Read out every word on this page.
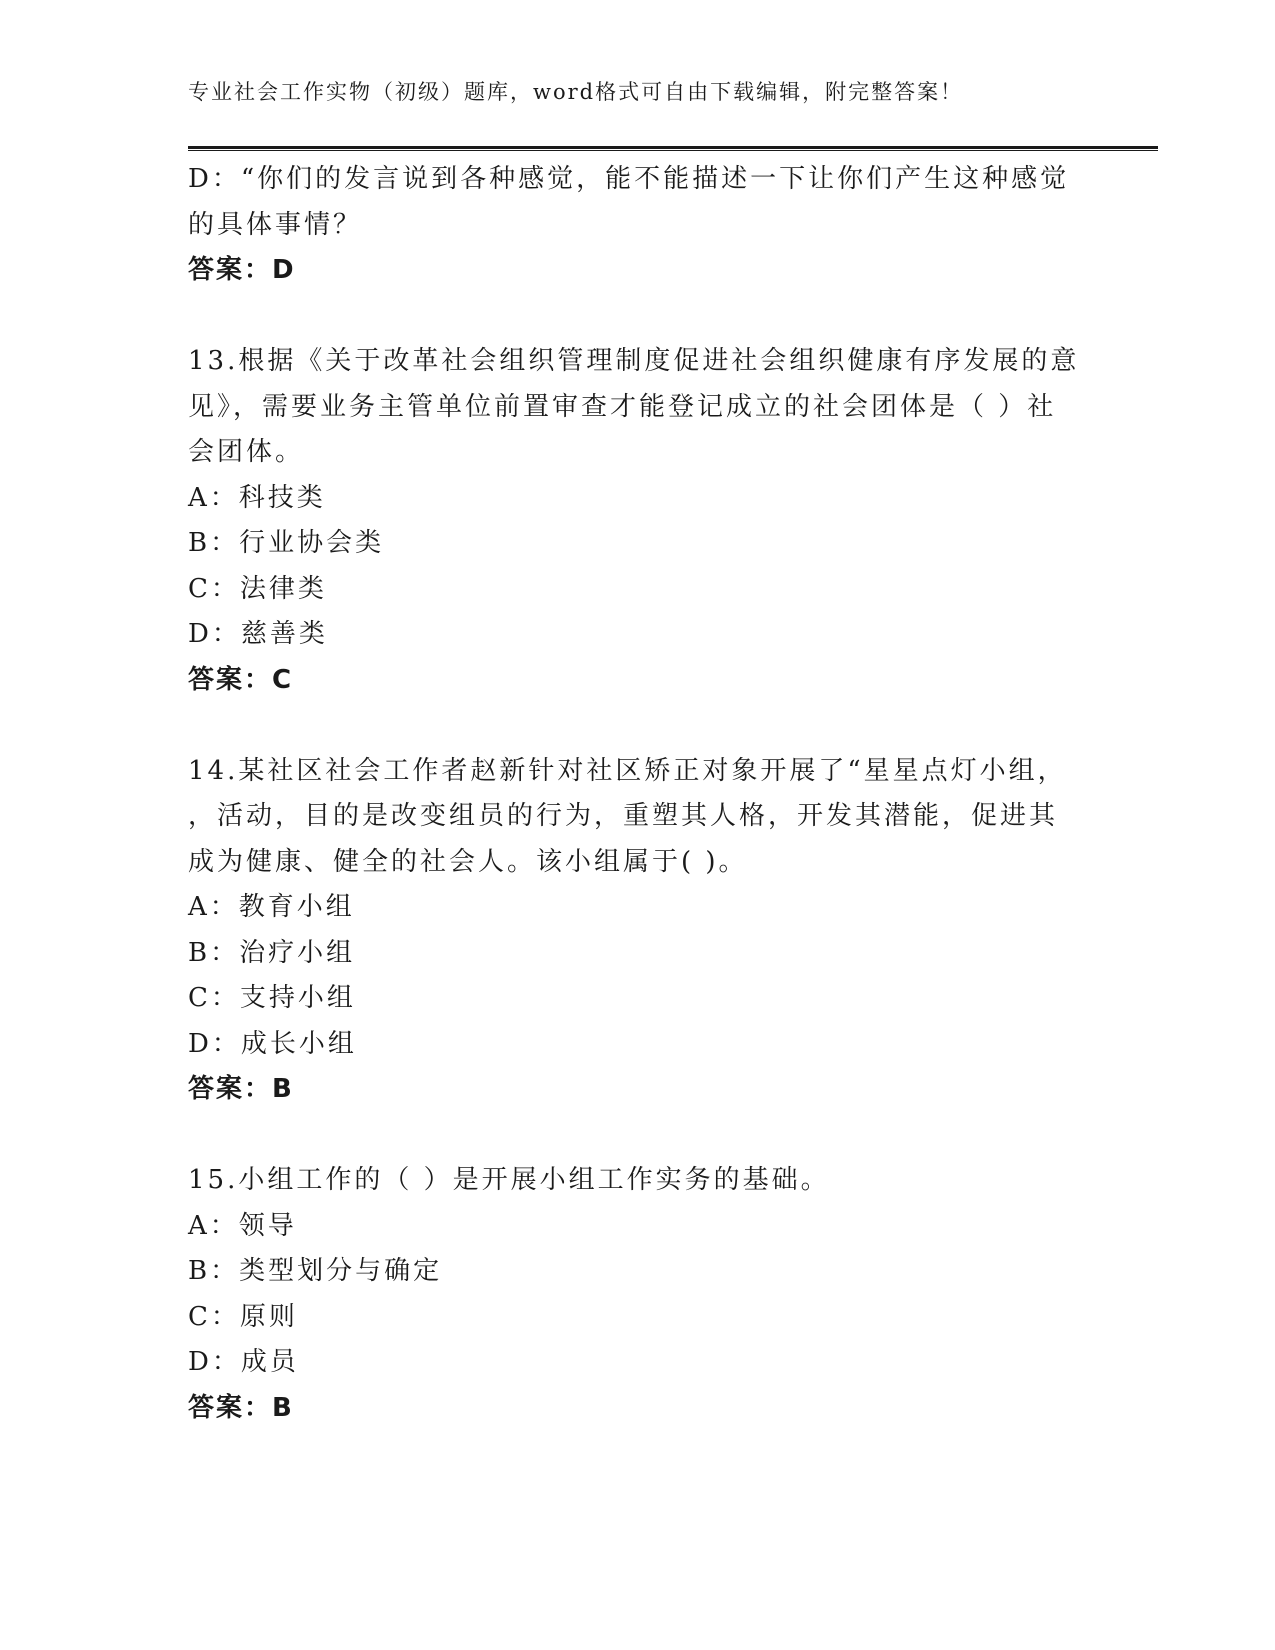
专业社会工作实物（初级）题库，word格式可自由下载编辑，附完整答案！
D：“你们的发言说到各种感觉，能不能描述一下让你们产生这种感觉
的具体事情？
答案：D
13.根据《关于改革社会组织管理制度促进社会组织健康有序发展的意
见》，需要业务主管单位前置审查才能登记成立的社会团体是（ ）社
会团体。
A：科技类
B：行业协会类
C：法律类
D：慈善类
答案：C
14.某社区社会工作者赵新针对社区矫正对象开展了“星星点灯小组，
，活动，目的是改变组员的行为，重塑其人格，开发其潜能，促进其
成为健康、健全的社会人。该小组属于( )。
A：教育小组
B：治疗小组
C：支持小组
D：成长小组
答案：B
15.小组工作的（ ）是开展小组工作实务的基础。
A：领导
B：类型划分与确定
C：原则
D：成员
答案：B
